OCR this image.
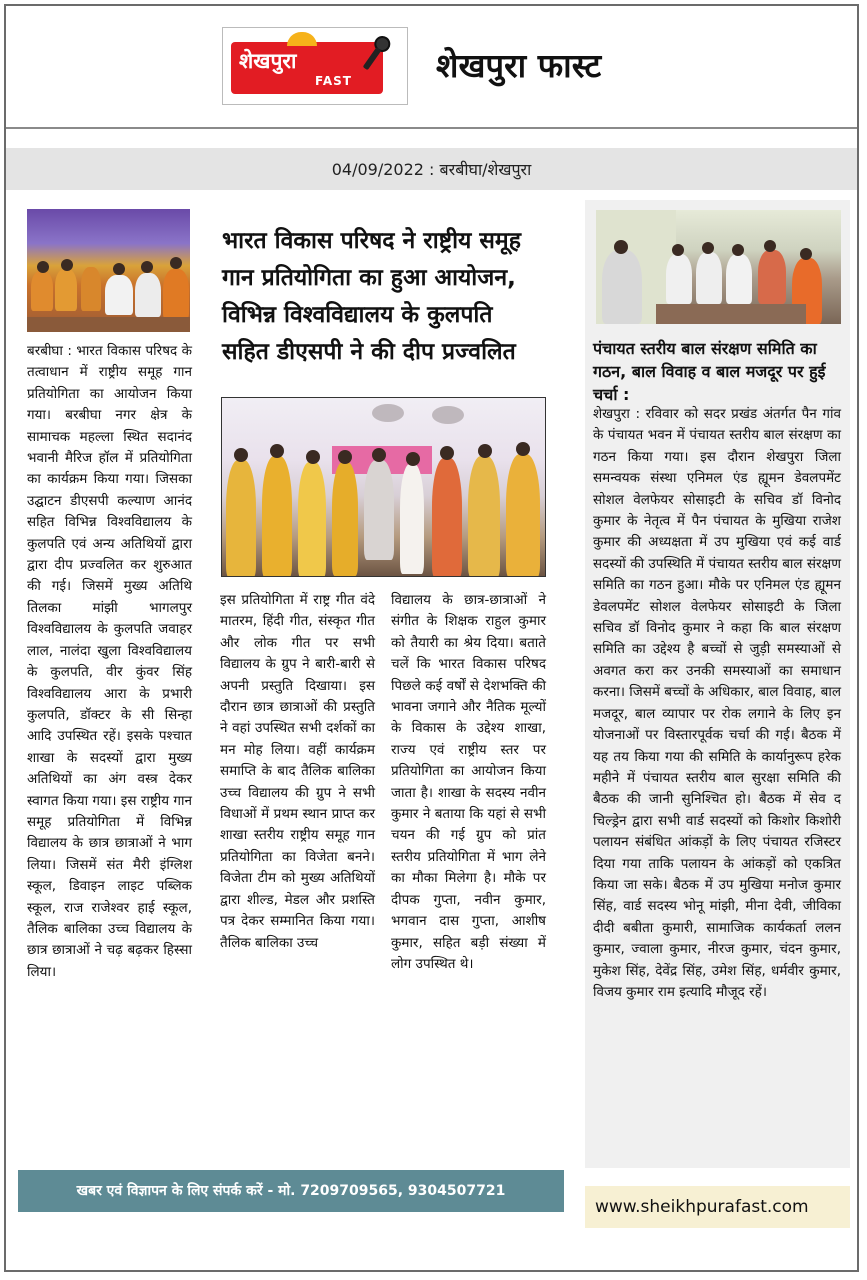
शेखपुरा
FAST	शेखपुरा फास्ट
04/09/2022 : बरबीघा/शेखपुरा
बरबीघा : भारत विकास परिषद के तत्वाधान में राष्ट्रीय समूह गान प्रतियोगिता का आयोजन किया गया। बरबीघा नगर क्षेत्र के सामाचक महल्ला स्थित सदानंद भवानी मैरिज हॉल में प्रतियोगिता का कार्यक्रम किया गया। जिसका उद्घाटन डीएसपी कल्याण आनंद सहित विभिन्न विश्वविद्यालय के कुलपति एवं अन्य अतिथियों द्वारा द्वारा दीप प्रज्वलित कर शुरुआत की गई। जिसमें मुख्य अतिथि तिलका मांझी भागलपुर विश्वविद्यालय के कुलपति जवाहर लाल, नालंदा खुला विश्वविद्यालय के कुलपति, वीर कुंवर सिंह विश्वविद्यालय आरा के प्रभारी कुलपति, डॉक्टर के सी सिन्हा आदि उपस्थित रहें। इसके पश्चात शाखा के सदस्यों द्वारा मुख्य अतिथियों का अंग वस्त्र देकर स्वागत किया गया। इस राष्ट्रीय गान समूह प्रतियोगिता में विभिन्न विद्यालय के छात्र छात्राओं ने भाग लिया। जिसमें संत मैरी इंग्लिश स्कूल, डिवाइन लाइट पब्लिक स्कूल, राज राजेश्वर हाई स्कूल, तैलिक बालिका उच्च विद्यालय के छात्र छात्राओं ने चढ़ बढ़कर हिस्सा लिया।
भारत विकास परिषद ने राष्ट्रीय समूह गान प्रतियोगिता का हुआ आयोजन, विभिन्न विश्वविद्यालय के कुलपति सहित डीएसपी ने की दीप प्रज्वलित
इस प्रतियोगिता में राष्ट्र गीत वंदे मातरम, हिंदी गीत, संस्कृत गीत और लोक गीत पर सभी विद्यालय के ग्रुप ने बारी-बारी से अपनी प्रस्तुति दिखाया। इस दौरान छात्र छात्राओं की प्रस्तुति ने वहां उपस्थित सभी दर्शकों का मन मोह लिया। वहीं कार्यक्रम समाप्ति के बाद तैलिक बालिका उच्च विद्यालय की ग्रुप ने सभी विधाओं में प्रथम स्थान प्राप्त कर शाखा स्तरीय राष्ट्रीय समूह गान प्रतियोगिता का विजेता बनने। विजेता टीम को मुख्य अतिथियों द्वारा शील्ड, मेडल और प्रशस्ति पत्र देकर सम्मानित किया गया। तैलिक बालिका उच्च
विद्यालय के छात्र-छात्राओं ने संगीत के शिक्षक राहुल कुमार को तैयारी का श्रेय दिया। बताते चलें कि भारत विकास परिषद पिछले कई वर्षों से देशभक्ति की भावना जगाने और नैतिक मूल्यों के विकास के उद्देश्य शाखा, राज्य एवं राष्ट्रीय स्तर पर प्रतियोगिता का आयोजन किया जाता है। शाखा के सदस्य नवीन कुमार ने बताया कि यहां से सभी चयन की गई ग्रुप को प्रांत स्तरीय प्रतियोगिता में भाग लेने का मौका मिलेगा है। मौके पर दीपक गुप्ता, नवीन कुमार, भगवान दास गुप्ता, आशीष कुमार, सहित बड़ी संख्या में लोग उपस्थित थे।
पंचायत स्तरीय बाल संरक्षण समिति का गठन, बाल विवाह व बाल मजदूर पर हुई चर्चा :
शेखपुरा : रविवार को सदर प्रखंड अंतर्गत पैन गांव के पंचायत भवन में पंचायत स्तरीय बाल संरक्षण का गठन किया गया। इस दौरान शेखपुरा जिला समन्वयक संस्था एनिमल एंड ह्यूमन डेवलपमेंट सोशल वेलफेयर सोसाइटी के सचिव डॉ विनोद कुमार के नेतृत्व में पैन पंचायत के मुखिया राजेश कुमार की अध्यक्षता में उप मुखिया एवं कई वार्ड सदस्यों की उपस्थिति में पंचायत स्तरीय बाल संरक्षण समिति का गठन हुआ। मौके पर एनिमल एंड ह्यूमन डेवलपमेंट सोशल वेलफेयर सोसाइटी के जिला सचिव डॉ विनोद कुमार ने कहा कि बाल संरक्षण समिति का उद्देश्य है बच्चों से जुड़ी समस्याओं से अवगत करा कर उनकी समस्याओं का समाधान करना। जिसमें बच्चों के अधिकार, बाल विवाह, बाल मजदूर, बाल व्यापार पर रोक लगाने के लिए इन योजनाओं पर विस्तारपूर्वक चर्चा की गई। बैठक में यह तय किया गया की समिति के कार्यानुरूप हरेक महीने में पंचायत स्तरीय बाल सुरक्षा समिति की बैठक की जानी सुनिश्चित हो। बैठक में सेव द चिल्ड्रेन द्वारा सभी वार्ड सदस्यों को किशोर किशोरी पलायन संबंधित आंकड़ों के लिए पंचायत रजिस्टर दिया गया ताकि पलायन के आंकड़ों को एकत्रित किया जा सके। बैठक में उप मुखिया मनोज कुमार सिंह, वार्ड सदस्य भोनू मांझी, मीना देवी, जीविका दीदी बबीता कुमारी, सामाजिक कार्यकर्ता ललन कुमार, ज्वाला कुमार, नीरज कुमार, चंदन कुमार, मुकेश सिंह, देवेंद्र सिंह, उमेश सिंह, धर्मवीर कुमार, विजय कुमार राम इत्यादि मौजूद रहें।
खबर एवं विज्ञापन के लिए संपर्क करें - मो. 7209709565, 9304507721
www.sheikhpurafast.com
